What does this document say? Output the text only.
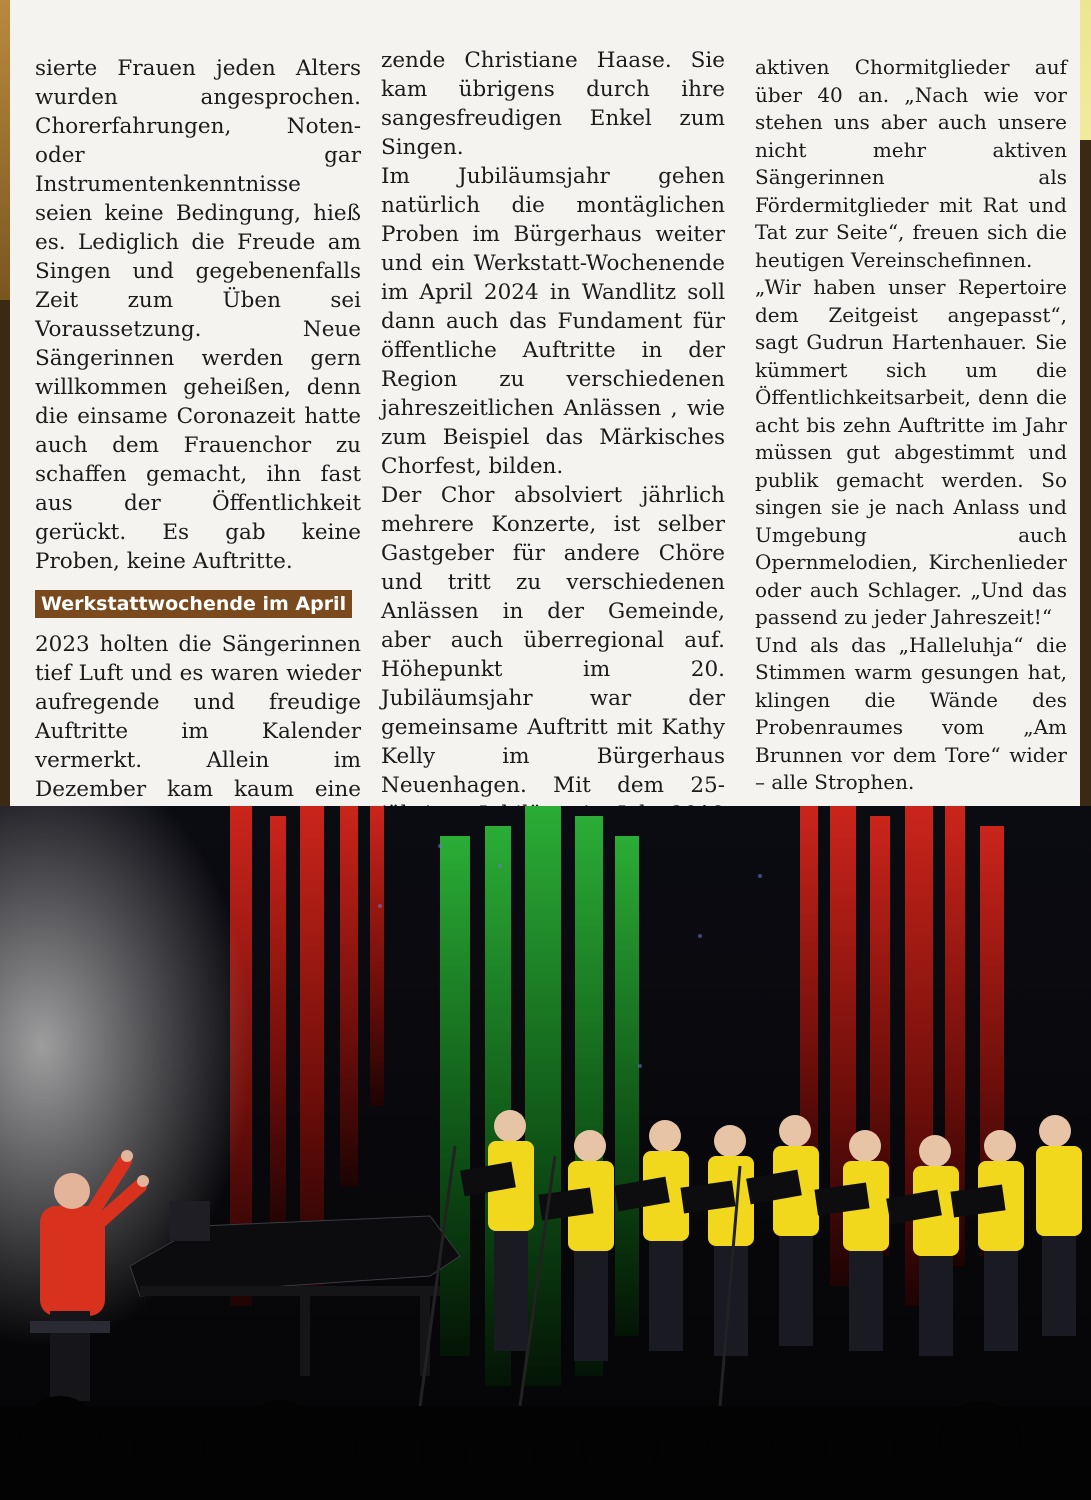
sierte Frauen jeden Alters wurden angesprochen. Chorerfahrungen, Noten- oder gar Instrumentenkenntnisse seien keine Bedingung, hieß es. Lediglich die Freude am Singen und gegebenenfalls Zeit zum Üben sei Voraussetzung. Neue Sängerinnen werden gern willkommen geheißen, denn die einsame Coronazeit hatte auch dem Frauenchor zu schaffen gemacht, ihn fast aus der Öffentlichkeit gerückt. Es gab keine Proben, keine Auftritte.

Werkstattwochende im April

2023 holten die Sängerinnen tief Luft und es waren wieder aufregende und freudige Auftritte im Kalender vermerkt. Allein im Dezember kam kaum eine

zende Christiane Haase. Sie kam übrigens durch ihre sangesfreudigen Enkel zum Singen.

Im Jubiläumsjahr gehen natürlich die montäglichen Proben im Bürgerhaus weiter und ein Werkstatt-Wochenende im April 2024 in Wandlitz soll dann auch das Fundament für öffentliche Auftritte in der Region zu verschiedenen jahreszeitlichen Anlässen , wie zum Beispiel das Märkisches Chorfest, bilden.

Der Chor absolviert jährlich mehrere Konzerte, ist selber Gastgeber für andere Chöre und tritt zu verschiedenen Anlässen in der Gemeinde, aber auch überregional auf. Höhepunkt im 20. Jubiläumsjahr war der gemeinsame Auftritt mit Kathy Kelly im Bürgerhaus Neuenhagen. Mit dem 25-

aktiven Chormitglieder auf über 40 an. „Nach wie vor stehen uns aber auch unsere nicht mehr aktiven Sängerinnen als Fördermitglieder mit Rat und Tat zur Seite“, freuen sich die heutigen Vereinschefinnen.

„Wir haben unser Repertoire dem Zeitgeist angepasst“, sagt Gudrun Hartenhauer. Sie kümmert sich um die Öffentlichkeitsarbeit, denn die acht bis zehn Auftritte im Jahr müssen gut abgestimmt und publik gemacht werden. So singen sie je nach Anlass und Umgebung auch Opernmelodien, Kirchenlieder oder auch Schlager. „Und das passend zu jeder Jahreszeit!“

Und als das „Halleluhja“ die Stimmen warm gesungen hat, klingen die Wände des Probenraumes vom „Am Brunnen vor dem Tore“ wider – alle Strophen.
